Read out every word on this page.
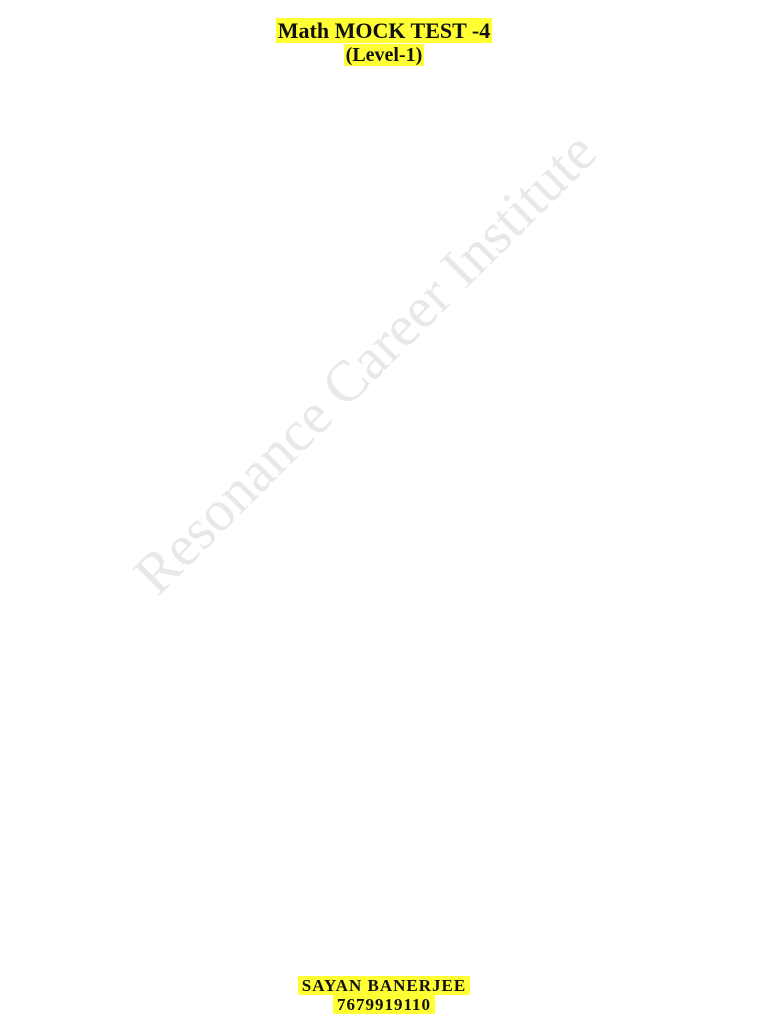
Math MOCK TEST -4
(Level-1)
Resonance Career Institute
SAYAN BANERJEE
7679919110
